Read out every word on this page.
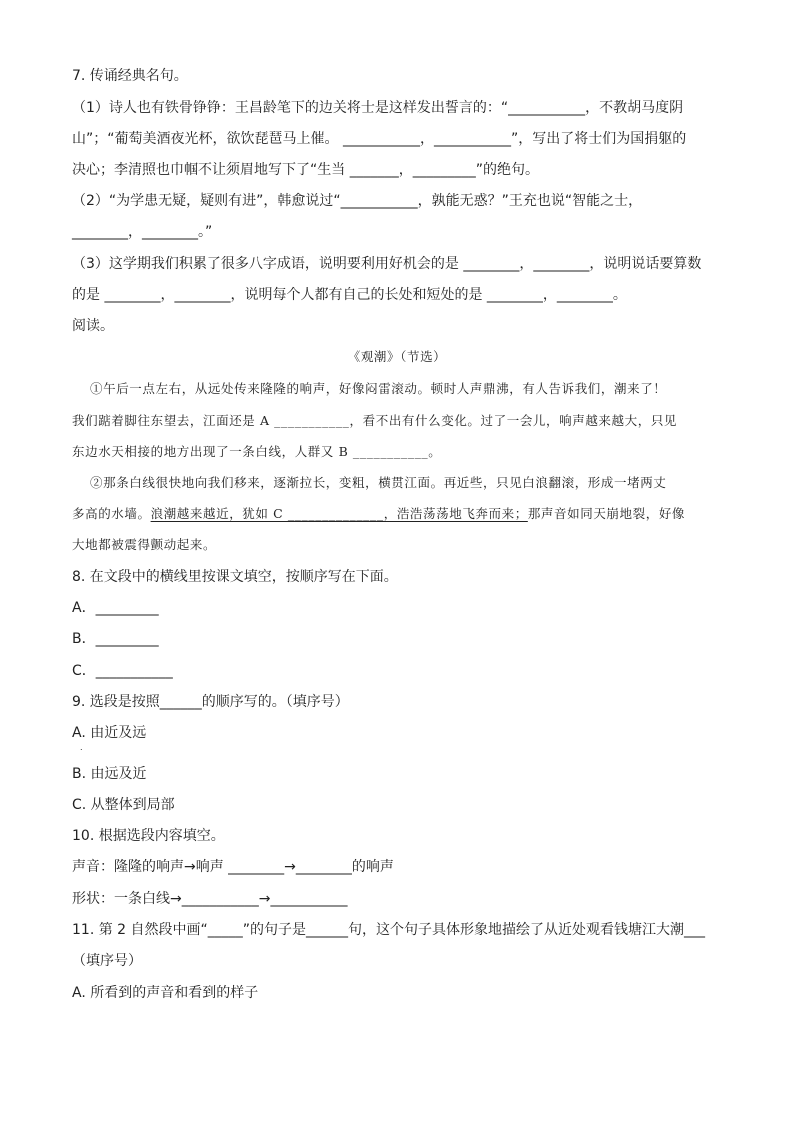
7. 传诵经典名句。
（1）诗人也有铁骨铮铮：王昌龄笔下的边关将士是这样发出誓言的：“___________，不教胡马度阴
山”；“葡萄美酒夜光杯，欲饮琵琶马上催。 ___________，___________”，写出了将士们为国捐躯的
决心；李清照也巾帼不让须眉地写下了“生当 _______，_________”的绝句。
（2）“为学患无疑，疑则有进”，韩愈说过“___________，孰能无惑？”王充也说“智能之士，
________，________。”
（3）这学期我们积累了很多八字成语，说明要利用好机会的是 ________，________，说明说话要算数
的是 ________，________，说明每个人都有自己的长处和短处的是 ________，________。
阅读。
《观潮》（节选）
①午后一点左右，从远处传来隆隆的响声，好像闷雷滚动。顿时人声鼎沸，有人告诉我们，潮来了！
我们踮着脚往东望去，江面还是 A ___________，看不出有什么变化。过了一会儿，响声越来越大，只见
东边水天相接的地方出现了一条白线，人群又 B ___________。
②那条白线很快地向我们移来，逐渐拉长，变粗，横贯江面。再近些，只见白浪翻滚，形成一堵两丈
多高的水墙。浪潮越来越近，犹如 C ______________，浩浩荡荡地飞奔而来；那声音如同天崩地裂，好像
大地都被震得颤动起来。
8. 在文段中的横线里按课文填空，按顺序写在下面。
A．_________
B．_________
C．___________
9. 选段是按照______的顺序写的。（填序号）
A. 由近及远
.
B. 由远及近
C. 从整体到局部
10. 根据选段内容填空。
声音：隆隆的响声→响声 ________→________的响声
形状：一条白线→___________→___________
11. 第 2 自然段中画“_____”的句子是______句，这个句子具体形象地描绘了从近处观看钱塘江大潮___
（填序号）
A. 所看到的声音和看到的样子
